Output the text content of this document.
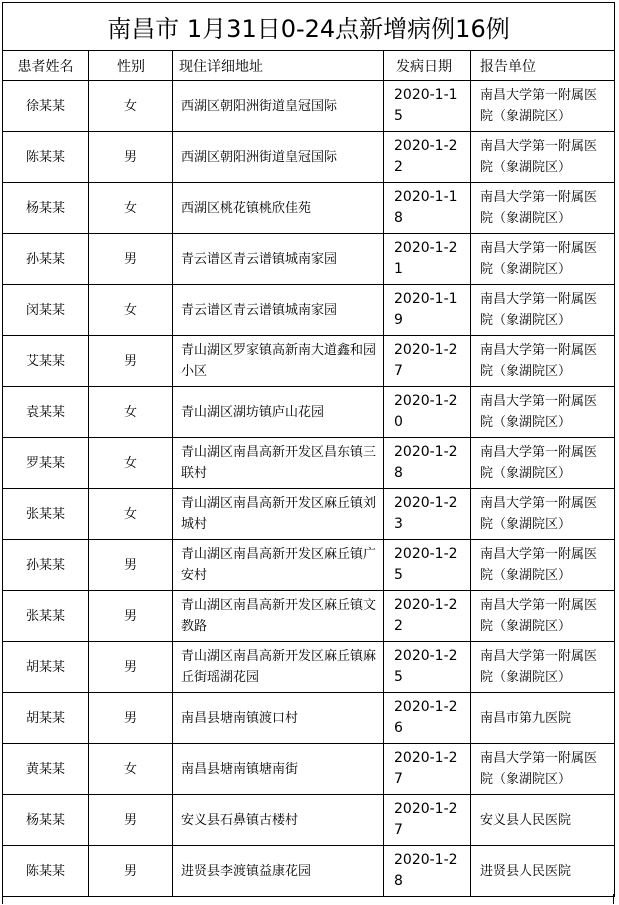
南昌市 1月31日0-24点新增病例16例				
患者姓名	性别	现住详细地址	发病日期	报告单位
徐某某	女	西湖区朝阳洲街道皇冠国际	2020-1-15	南昌大学第一附属医院（象湖院区）
陈某某	男	西湖区朝阳洲街道皇冠国际	2020-1-22	南昌大学第一附属医院（象湖院区）
杨某某	女	西湖区桃花镇桃欣佳苑	2020-1-18	南昌大学第一附属医院（象湖院区）
孙某某	男	青云谱区青云谱镇城南家园	2020-1-21	南昌大学第一附属医院（象湖院区）
闵某某	女	青云谱区青云谱镇城南家园	2020-1-19	南昌大学第一附属医院（象湖院区）
艾某某	男	青山湖区罗家镇高新南大道鑫和园小区	2020-1-27	南昌大学第一附属医院（象湖院区）
袁某某	女	青山湖区湖坊镇庐山花园	2020-1-20	南昌大学第一附属医院（象湖院区）
罗某某	女	青山湖区南昌高新开发区昌东镇三联村	2020-1-28	南昌大学第一附属医院（象湖院区）
张某某	女	青山湖区南昌高新开发区麻丘镇刘城村	2020-1-23	南昌大学第一附属医院（象湖院区）
孙某某	男	青山湖区南昌高新开发区麻丘镇广安村	2020-1-25	南昌大学第一附属医院（象湖院区）
张某某	男	青山湖区南昌高新开发区麻丘镇文教路	2020-1-22	南昌大学第一附属医院（象湖院区）
胡某某	男	青山湖区南昌高新开发区麻丘镇麻丘街瑶湖花园	2020-1-25	南昌大学第一附属医院（象湖院区）
胡某某	男	南昌县塘南镇渡口村	2020-1-26	南昌市第九医院
黄某某	女	南昌县塘南镇塘南街	2020-1-27	南昌大学第一附属医院（象湖院区）
杨某某	男	安义县石鼻镇古楼村	2020-1-27	安义县人民医院
陈某某	男	进贤县李渡镇益康花园	2020-1-28	进贤县人民医院
